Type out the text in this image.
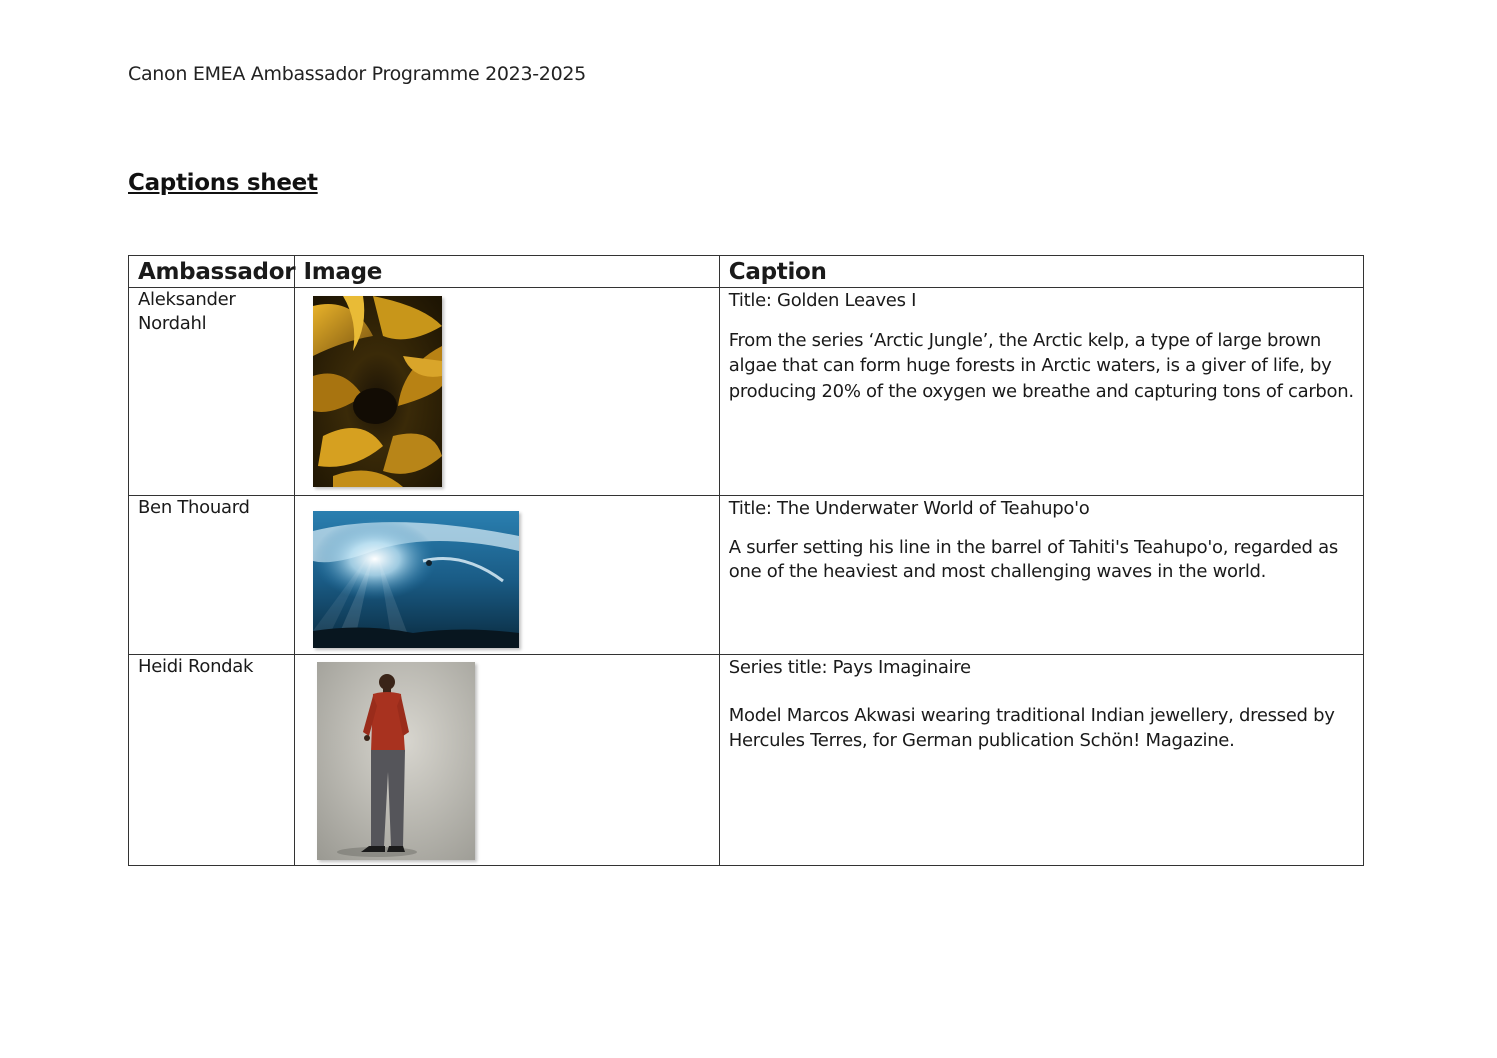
Canon EMEA Ambassador Programme 2023-2025
Captions sheet
Ambassador	Image	Caption
Aleksander Nordahl		Title: Golden Leaves I

From the series ‘Arctic Jungle’, the Arctic kelp, a type of large brown algae that can form huge forests in Arctic waters, is a giver of life, by producing 20% of the oxygen we breathe and capturing tons of carbon.

Ben Thouard		Title: The Underwater World of Teahupo'o

A surfer setting his line in the barrel of Tahiti's Teahupo'o, regarded as one of the heaviest and most challenging waves in the world.

Heidi Rondak		Series title: Pays Imaginaire

Model Marcos Akwasi wearing traditional Indian jewellery, dressed by Hercules Terres, for German publication Schön! Magazine.
